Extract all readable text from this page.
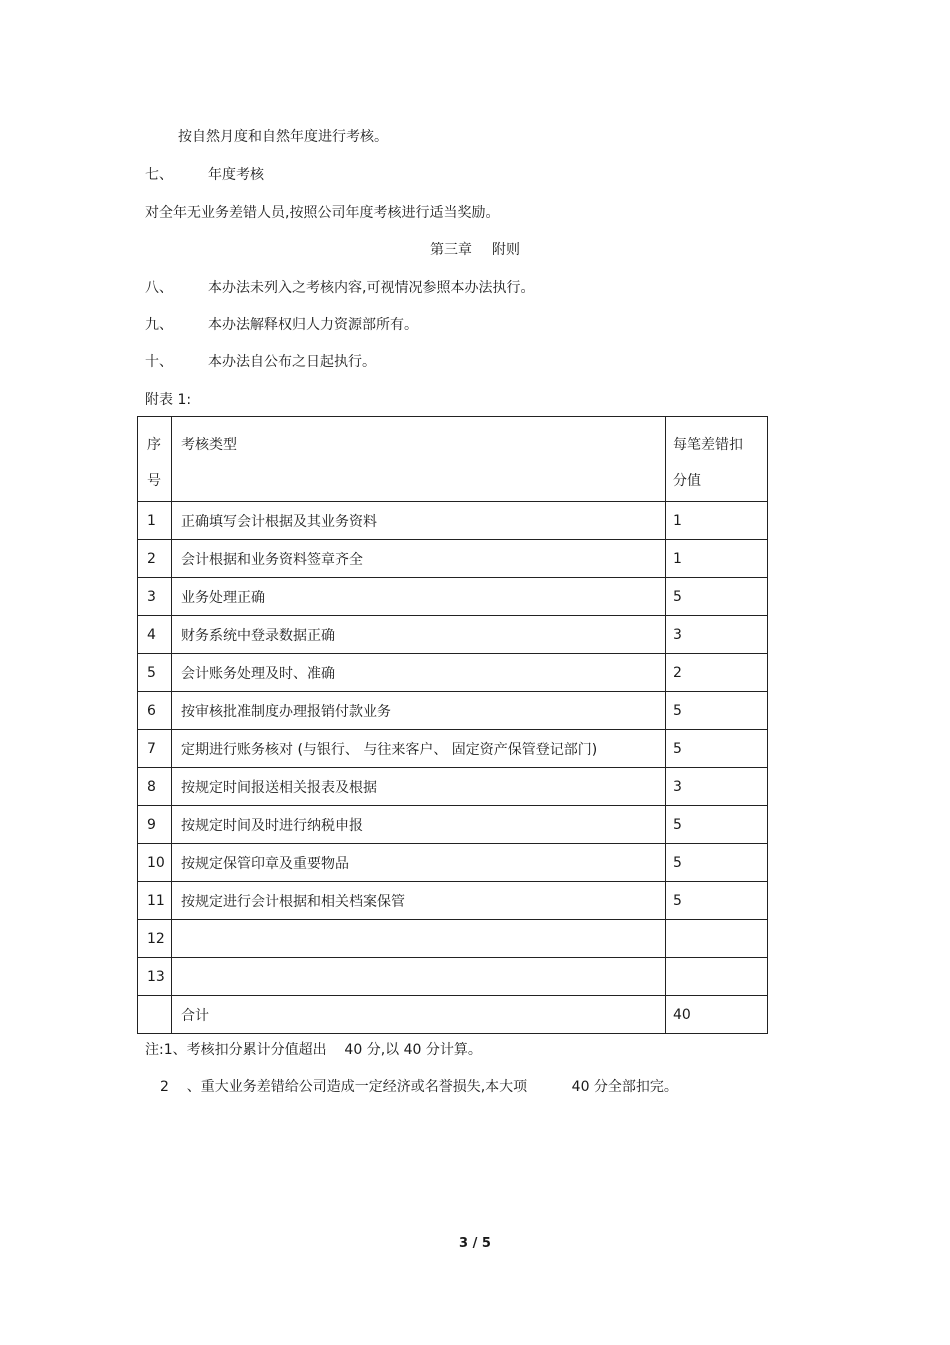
按自然月度和自然年度进行考核。
七、	年度考核
对全年无业务差错人员,按照公司年度考核进行适当奖励。
第三章 附则
八、	本办法未列入之考核内容,可视情况参照本办法执行。
九、	本办法解释权归人力资源部所有。
十、	本办法自公布之日起执行。
附表 1:
序
号	考核类型	每笔差错扣
分值

1	正确填写会计根据及其业务资料	1
2	会计根据和业务资料签章齐全	1
3	业务处理正确	5
4	财务系统中登录数据正确	3
5	会计账务处理及时、准确	2
6	按审核批准制度办理报销付款业务	5
7	定期进行账务核对 (与银行、 与往来客户、 固定资产保管登记部门)	5
8	按规定时间报送相关报表及根据	3
9	按规定时间及时进行纳税申报	5
10	按规定保管印章及重要物品	5
11	按规定进行会计根据和相关档案保管	5
12		
13		
	合计	40
注:1、考核扣分累计分值超出    40 分,以 40 分计算。
2    、重大业务差错给公司造成一定经济或名誉损失,本大项          40 分全部扣完。
3 / 5
